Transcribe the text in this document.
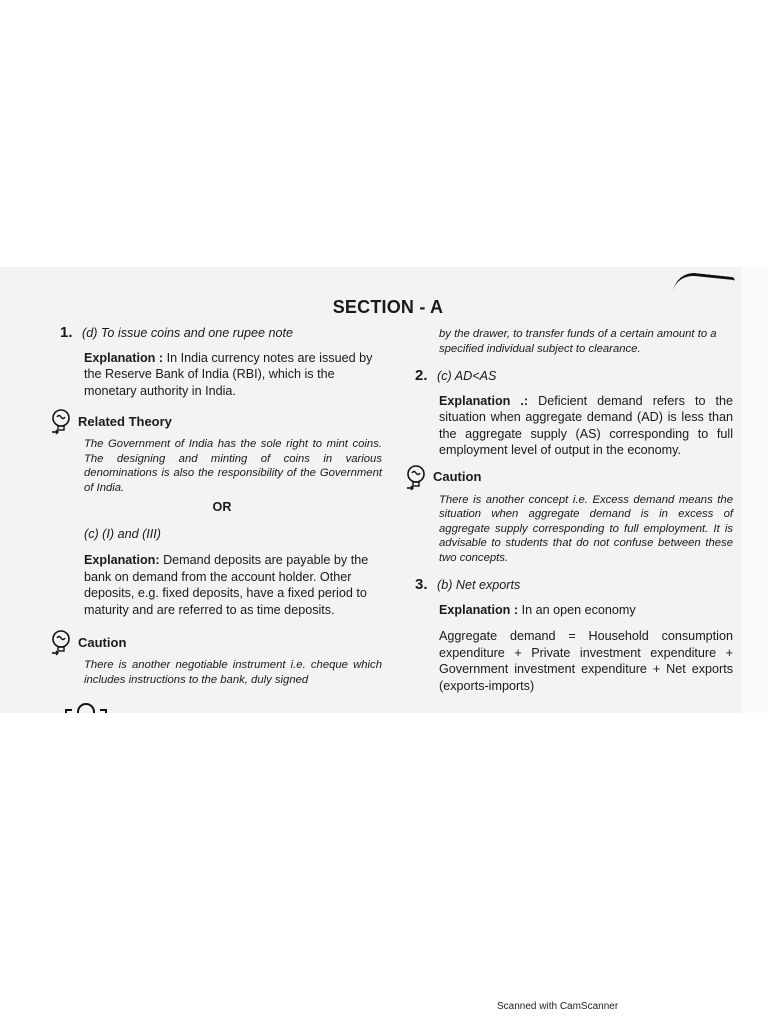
SECTION - A
1. (d) To issue coins and one rupee note
Explanation : In India currency notes are issued by the Reserve Bank of India (RBI), which is the monetary authority in India.
Related Theory
The Government of India has the sole right to mint coins. The designing and minting of coins in various denominations is also the responsibility of the Government of India.
OR
(c) (I) and (III)
Explanation: Demand deposits are payable by the bank on demand from the account holder. Other deposits, e.g. fixed deposits, have a fixed period to maturity and are referred to as time deposits.
Caution
There is another negotiable instrument i.e. cheque which includes instructions to the bank, duly signed
by the drawer, to transfer funds of a certain amount to a specified individual subject to clearance.
2. (c) AD<AS
Explanation .: Deficient demand refers to the situation when aggregate demand (AD) is less than the aggregate supply (AS) corresponding to full employment level of output in the economy.
Caution
There is another concept i.e. Excess demand means the situation when aggregate demand is in excess of aggregate supply corresponding to full employment. It is advisable to students that do not confuse between these two concepts.
3. (b) Net exports
Explanation : In an open economy
Aggregate demand = Household consumption expenditure + Private investment expenditure + Government investment expenditure + Net exports (exports-imports)
Scanned with CamScanner
